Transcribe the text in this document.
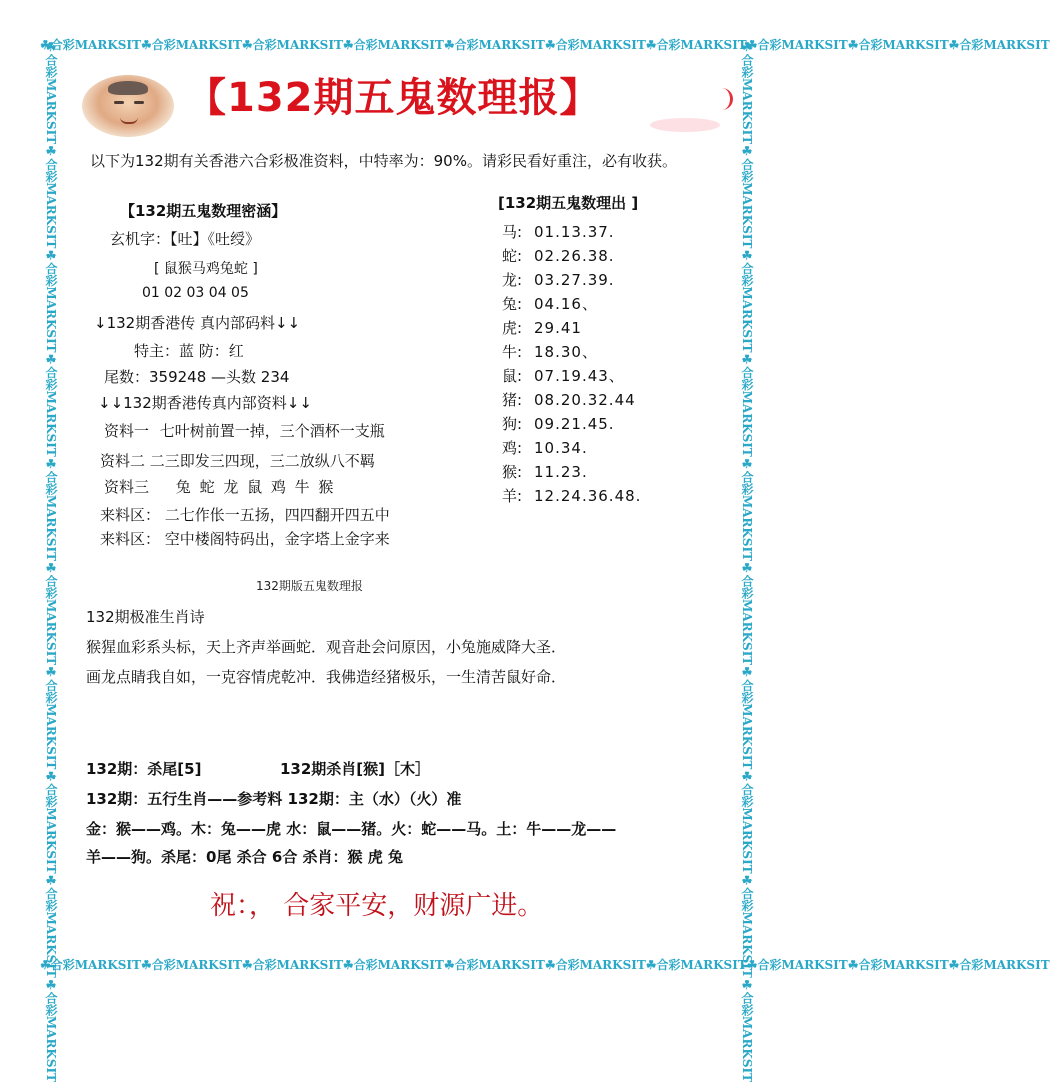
☘合彩MARKSIT☘合彩MARKSIT☘合彩MARKSIT☘合彩MARKSIT☘合彩MARKSIT☘合彩MARKSIT☘合彩MARKSIT☘合彩MARKSIT☘合彩MARKSIT☘合彩MARKSIT
☘合彩MARKSIT☘合彩MARKSIT☘合彩MARKSIT☘合彩MARKSIT☘合彩MARKSIT☘合彩MARKSIT☘合彩MARKSIT☘合彩MARKSIT☘合彩MARKSIT☘合彩MARKSIT
☘合彩MARKSIT☘合彩MARKSIT☘合彩MARKSIT☘合彩MARKSIT☘合彩MARKSIT☘合彩MARKSIT☘合彩MARKSIT☘合彩MARKSIT☘合彩MARKSIT☘合彩MARKSIT	☘合彩MARKSIT☘合彩MARKSIT☘合彩MARKSIT☘合彩MARKSIT☘合彩MARKSIT☘合彩MARKSIT☘合彩MARKSIT☘合彩MARKSIT☘合彩MARKSIT☘合彩MARKSIT
【132期五鬼数理报】
以下为132期有关香港六合彩极准资料，中特率为：90%。请彩民看好重注，必有收获。
【132期五鬼数理密涵】
玄机字：【吐】《吐绶》
[ 鼠猴马鸡兔蛇 ]
01 02 03 04 05
↓132期香港传 真内部码料↓↓
特主：蓝 防：红
尾数：359248 —头数 234
↓↓132期香港传真内部资料↓↓
资料一 七叶树前置一掉，三个酒杯一支瓶
资料二 二三即发三四现，三二放纵八不羁
资料三 兔 蛇 龙 鼠 鸡 牛 猴
来料区： 二七作伥一五扬，四四翻开四五中
来料区： 空中楼阁特码出，金字塔上金字来
[132期五鬼数理出 ]
马: 01.13.37.
蛇: 02.26.38.
龙: 03.27.39.
兔: 04.16、
虎: 29.41
牛: 18.30、
鼠: 07.19.43、
猪: 08.20.32.44
狗: 09.21.45.
鸡: 10.34.
猴: 11.23.
羊: 12.24.36.48.
132期版五鬼数理报
132期极准生肖诗
猴猩血彩系头标，天上齐声举画蛇．观音赴会问原因，小兔施威降大圣．
画龙点睛我自如，一克容情虎乾冲．我佛造经猪极乐，一生清苦鼠好命．
132期：杀尾[5]	132期杀肖[猴]［木］
132期：五行生肖——参考料 132期：主（水）（火）准
金：猴——鸡。木：兔——虎 水：鼠——猪。火：蛇——马。土：牛——龙——
羊——狗。杀尾：0尾 杀合 6合 杀肖：猴 虎 兔
祝：， 合家平安，财源广进。
